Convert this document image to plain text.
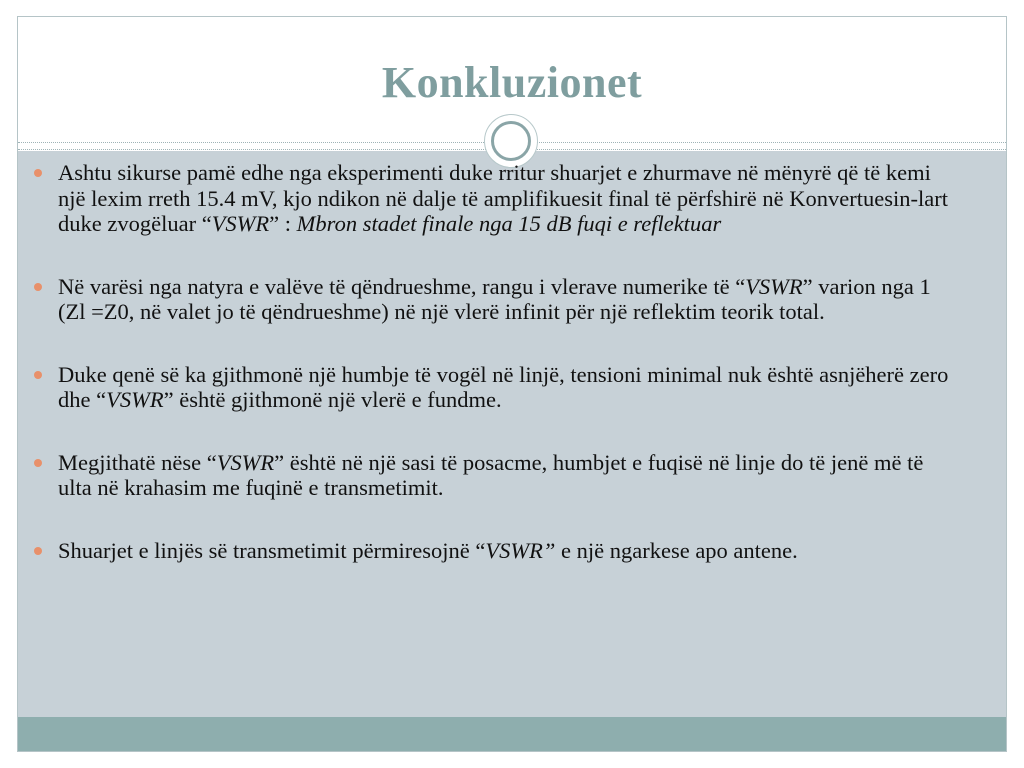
Konkluzionet
Ashtu sikurse pamë edhe nga eksperimenti duke rritur shuarjet e zhurmave në mënyrë që të kemi një lexim rreth 15.4 mV, kjo ndikon në dalje të amplifikuesit final të përfshirë në Konvertuesin-lart duke zvogëluar “VSWR” : Mbron stadet finale nga 15 dB fuqi e reflektuar
Në varësi nga natyra e valëve të qëndrueshme, rangu i vlerave numerike të “VSWR” varion nga 1 (Zl =Z0, në valet jo të qëndrueshme) në një vlerë infinit për një reflektim teorik total.
Duke qenë së ka gjithmonë një humbje të vogël në linjë, tensioni minimal nuk është asnjëherë zero dhe “VSWR” është gjithmonë një vlerë e fundme.
Megjithatë nëse “VSWR” është në një sasi të posacme, humbjet e fuqisë në linje do të jenë më të ulta në krahasim me fuqinë e transmetimit.
Shuarjet e linjës së transmetimit përmiresojnë “VSWR” e një ngarkese apo antene.
